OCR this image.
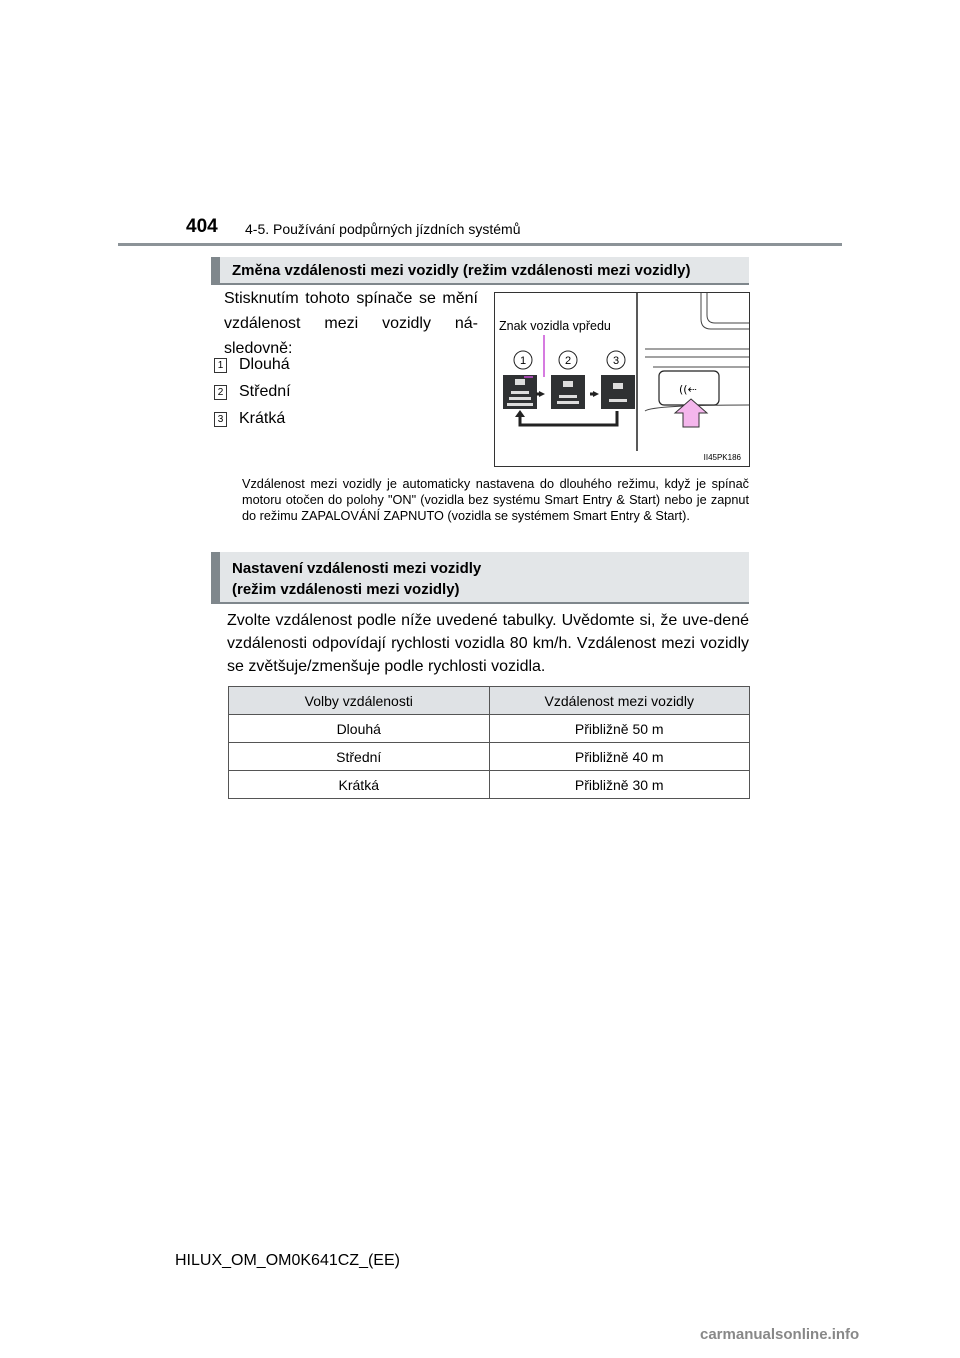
404 4-5. Používání podpůrných jízdních systémů
Změna vzdálenosti mezi vozidly (režim vzdálenosti mezi vozidly)
Stisknutím tohoto spínače se mění vzdálenost mezi vozidly ná-sledovně:
1 Dlouhá
2 Střední
3 Krátká
Znak vozidla vpředu
1	2	3
((⇠
II45PK186
Vzdálenost mezi vozidly je automaticky nastavena do dlouhého režimu, když je spínač motoru otočen do polohy "ON" (vozidla bez systému Smart Entry & Start) nebo je zapnut do režimu ZAPALOVÁNÍ ZAPNUTO (vozidla se systémem Smart Entry & Start).
Nastavení vzdálenosti mezi vozidly
(režim vzdálenosti mezi vozidly)
Zvolte vzdálenost podle níže uvedené tabulky. Uvědomte si, že uve-dené vzdálenosti odpovídají rychlosti vozidla 80 km/h. Vzdálenost mezi vozidly se zvětšuje/zmenšuje podle rychlosti vozidla.
Volby vzdálenosti	Vzdálenost mezi vozidly
Dlouhá	Přibližně 50 m
Střední	Přibližně 40 m
Krátká	Přibližně 30 m
HILUX_OM_OM0K641CZ_(EE)
carmanualsonline.info
